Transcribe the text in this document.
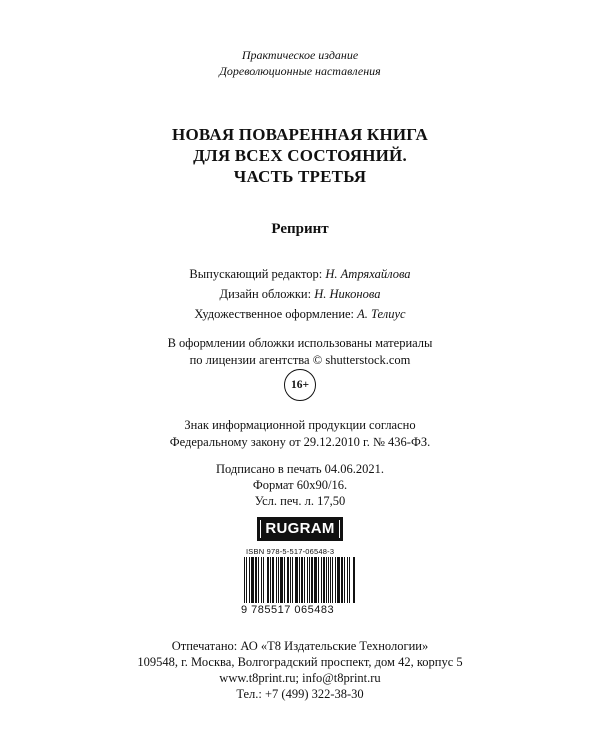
Практическое издание
Дореволюционные наставления
НОВАЯ ПОВАРЕННАЯ КНИГА
ДЛЯ ВСЕХ СОСТОЯНИЙ.
ЧАСТЬ ТРЕТЬЯ
Репринт
Выпускающий редактор: Н. Атряхайлова
Дизайн обложки: Н. Никонова
Художественное оформление: А. Телиус
В оформлении обложки использованы материалы
по лицензии агентства © shutterstock.com
16+
Знак информационной продукции согласно
Федеральному закону от 29.12.2010 г. № 436-ФЗ.
Подписано в печать 04.06.2021.
Формат 60x90/16.
Усл. печ. л. 17,50
RUGRAM
ISBN 978-5-517-06548-3
9 785517 065483
Отпечатано: АО «Т8 Издательские Технологии»
109548, г. Москва, Волгоградский проспект, дом 42, корпус 5
www.t8print.ru; info@t8print.ru
Тел.: +7 (499) 322-38-30
